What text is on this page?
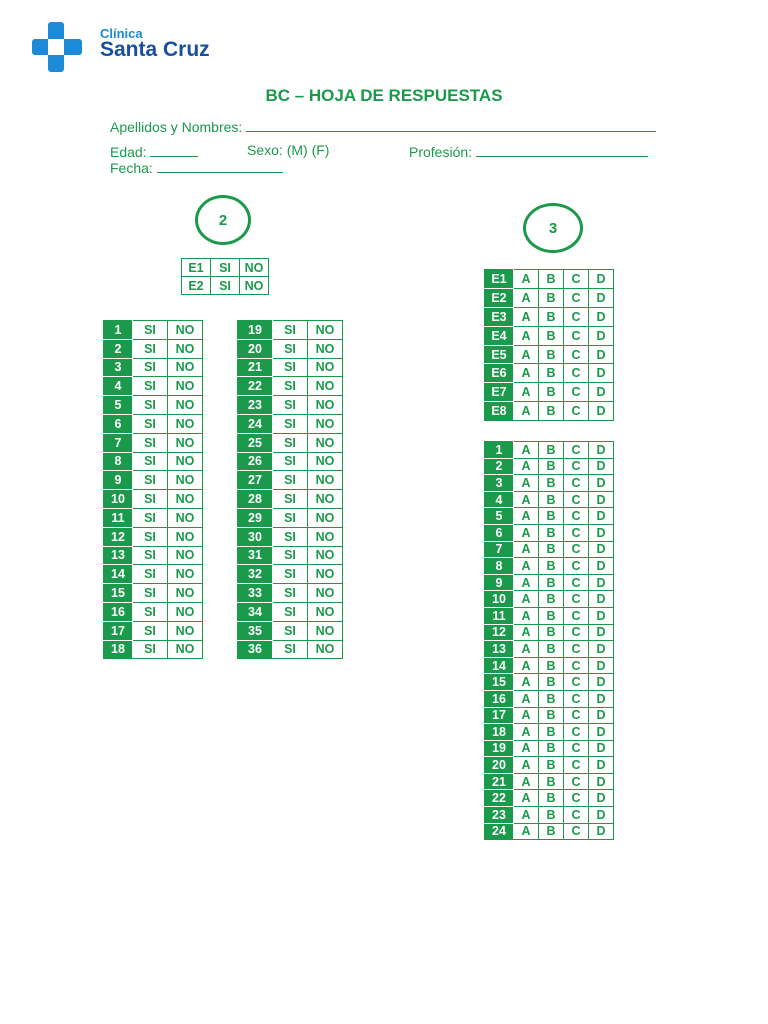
Clínica
Santa Cruz
BC – HOJA DE RESPUESTAS
Apellidos y Nombres:
Edad:	Sexo: (M) (F)	Profesión:
Fecha:
2	3
E1	SI	NO
E2	SI	NO
1	SI	NO
2	SI	NO
3	SI	NO
4	SI	NO
5	SI	NO
6	SI	NO
7	SI	NO
8	SI	NO
9	SI	NO
10	SI	NO
11	SI	NO
12	SI	NO
13	SI	NO
14	SI	NO
15	SI	NO
16	SI	NO
17	SI	NO
18	SI	NO
19	SI	NO
20	SI	NO
21	SI	NO
22	SI	NO
23	SI	NO
24	SI	NO
25	SI	NO
26	SI	NO
27	SI	NO
28	SI	NO
29	SI	NO
30	SI	NO
31	SI	NO
32	SI	NO
33	SI	NO
34	SI	NO
35	SI	NO
36	SI	NO
E1	A	B	C	D
E2	A	B	C	D
E3	A	B	C	D
E4	A	B	C	D
E5	A	B	C	D
E6	A	B	C	D
E7	A	B	C	D
E8	A	B	C	D
1	A	B	C	D
2	A	B	C	D
3	A	B	C	D
4	A	B	C	D
5	A	B	C	D
6	A	B	C	D
7	A	B	C	D
8	A	B	C	D
9	A	B	C	D
10	A	B	C	D
11	A	B	C	D
12	A	B	C	D
13	A	B	C	D
14	A	B	C	D
15	A	B	C	D
16	A	B	C	D
17	A	B	C	D
18	A	B	C	D
19	A	B	C	D
20	A	B	C	D
21	A	B	C	D
22	A	B	C	D
23	A	B	C	D
24	A	B	C	D
